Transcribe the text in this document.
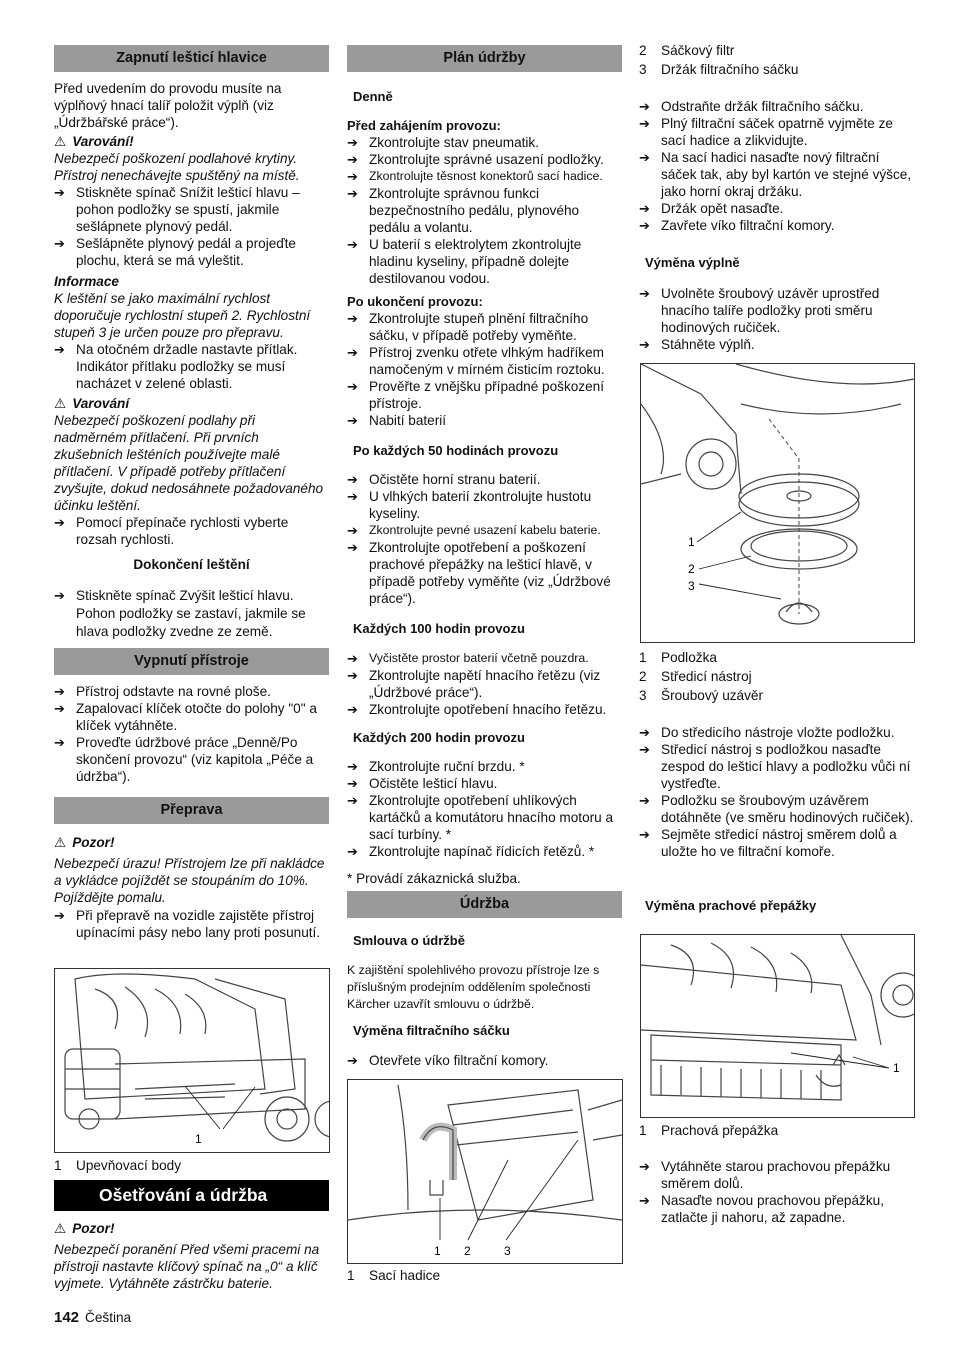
Zapnutí lešticí hlavice

Před uvedením do provodu musíte na výplňový hnací talíř položit výplň (viz „Údržbářské práce“).

⚠ Varování!

Nebezpečí poškození podlahové krytiny. Přístroj nenechávejte spuštěný na místě.

➔ Stiskněte spínač Snížit lešticí hlavu – pohon podložky se spustí, jakmile sešlápnete plynový pedál.
➔ Sešlápněte plynový pedál a projeďte plochu, která se má vyleštit.
Informace

K leštění se jako maximální rychlost doporučuje rychlostní stupeň 2. Rychlostní stupeň 3 je určen pouze pro přepravu.

➔ Na otočném držadle nastavte přítlak. Indikátor přítlaku podložky se musí nacházet v zelené oblasti.
⚠ Varování

Nebezpečí poškození podlahy při nadměrném přítlačení. Při prvních zkušebních lešténích používejte malé přítlačení. V případě potřeby přítlačení zvyšujte, dokud nedosáhnete požadovaného účinku leštění.

➔ Pomocí přepínače rychlosti vyberte rozsah rychlosti.
Dokončení leštění
➔ Stiskněte spínač Zvýšit lešticí hlavu. Pohon podložky se zastaví, jakmile se hlava podložky zvedne ze země.
Vypnutí přístroje
➔ Přístroj odstavte na rovné ploše.
➔ Zapalovací klíček otočte do polohy "0" a klíček vytáhněte.
➔ Proveďte údržbové práce „Denně/Po skončení provozu“ (viz kapitola „Péče a údržba“).
Přeprava
⚠ Pozor!

Nebezpečí úrazu! Přístrojem lze při nakládce a vykládce pojíždět se stoupáním do 10%. Pojíždějte pomalu.

➔ Při přepravě na vozidle zajistěte přístroj upínacími pásy nebo lany proti posunutí.
1
1	Upevňovací body
Ošetřování a údržba
⚠ Pozor!

Nebezpečí poranění Před všemi pracemi na přístroji nastavte klíčový spínač na „0“ a klíč vyjmete. Vytáhněte zástrčku baterie.

Plán údržby
Denně
Před zahájením provozu:
➔ Zkontrolujte stav pneumatik.
➔ Zkontrolujte správné usazení podložky.
➔ Zkontrolujte těsnost konektorů sací hadice.
➔ Zkontrolujte správnou funkci bezpečnostního pedálu, plynového pedálu a volantu.
➔ U baterií s elektrolytem zkontrolujte hladinu kyseliny, případně dolejte destilovanou vodou.
Po ukončení provozu:
➔ Zkontrolujte stupeň plnění filtračního sáčku, v případě potřeby vyměňte.
➔ Přístroj zvenku otřete vlhkým hadříkem namočeným v mírném čisticím roztoku.
➔ Prověřte z vnějšku případné poškození přístroje.
➔ Nabití baterií
Po každých 50 hodinách provozu
➔ Očistěte horní stranu baterií.
➔ U vlhkých baterií zkontrolujte hustotu kyseliny.
➔ Zkontrolujte pevné usazení kabelu baterie.
➔ Zkontrolujte opotřebení a poškození prachové přepážky na lešticí hlavě, v případě potřeby vyměňte (viz „Údržbové práce“).
Každých 100 hodin provozu
➔ Vyčistěte prostor baterií včetně pouzdra.
➔ Zkontrolujte napětí hnacího řetězu (viz „Údržbové práce“).
➔ Zkontrolujte opotřebení hnacího řetězu.
Každých 200 hodin provozu
➔ Zkontrolujte ruční brzdu. *
➔ Očistěte lešticí hlavu.
➔ Zkontrolujte opotřebení uhlíkových kartáčků a komutátoru hnacího motoru a sací turbíny. *
➔ Zkontrolujte napínač řídicích řetězů. *
* Provádí zákaznická služba.
Údržba
Smlouva o údržbě

K zajištění spolehlivého provozu přístroje lze s příslušným prodejním oddělením společnosti Kärcher uzavřít smlouvu o údržbě.

Výměna filtračního sáčku
➔ Otevřete víko filtrační komory.
1 2	3
1	Sací hadice
2	Sáčkový filtr
3	Držák filtračního sáčku
➔ Odstraňte držák filtračního sáčku.
➔ Plný filtrační sáček opatrně vyjměte ze sací hadice a zlikvidujte.
➔ Na sací hadici nasaďte nový filtrační sáček tak, aby byl kartón ve stejné výšce, jako horní okraj držáku.
➔ Držák opět nasaďte.
➔ Zavřete víko filtrační komory.
Výměna výplně
➔ Uvolněte šroubový uzávěr uprostřed hnacího talíře podložky proti směru hodinových ručiček.
➔ Stáhněte výplň.
1
2
3
1	Podložka
2	Středicí nástroj
3	Šroubový uzávěr
➔ Do středicího nástroje vložte podložku.
➔ Středicí nástroj s podložkou nasaďte zespod do lešticí hlavy a podložku vůči ní vystřeďte.
➔ Podložku se šroubovým uzávěrem dotáhněte (ve směru hodinových ručiček).
➔ Sejměte středicí nástroj směrem dolů a uložte ho ve filtrační komoře.
Výměna prachové přepážky
1
1	Prachová přepážka
➔ Vytáhněte starou prachovou přepážku směrem dolů.
➔ Nasaďte novou prachovou přepážku, zatlačte ji nahoru, až zapadne.
142 Čeština
